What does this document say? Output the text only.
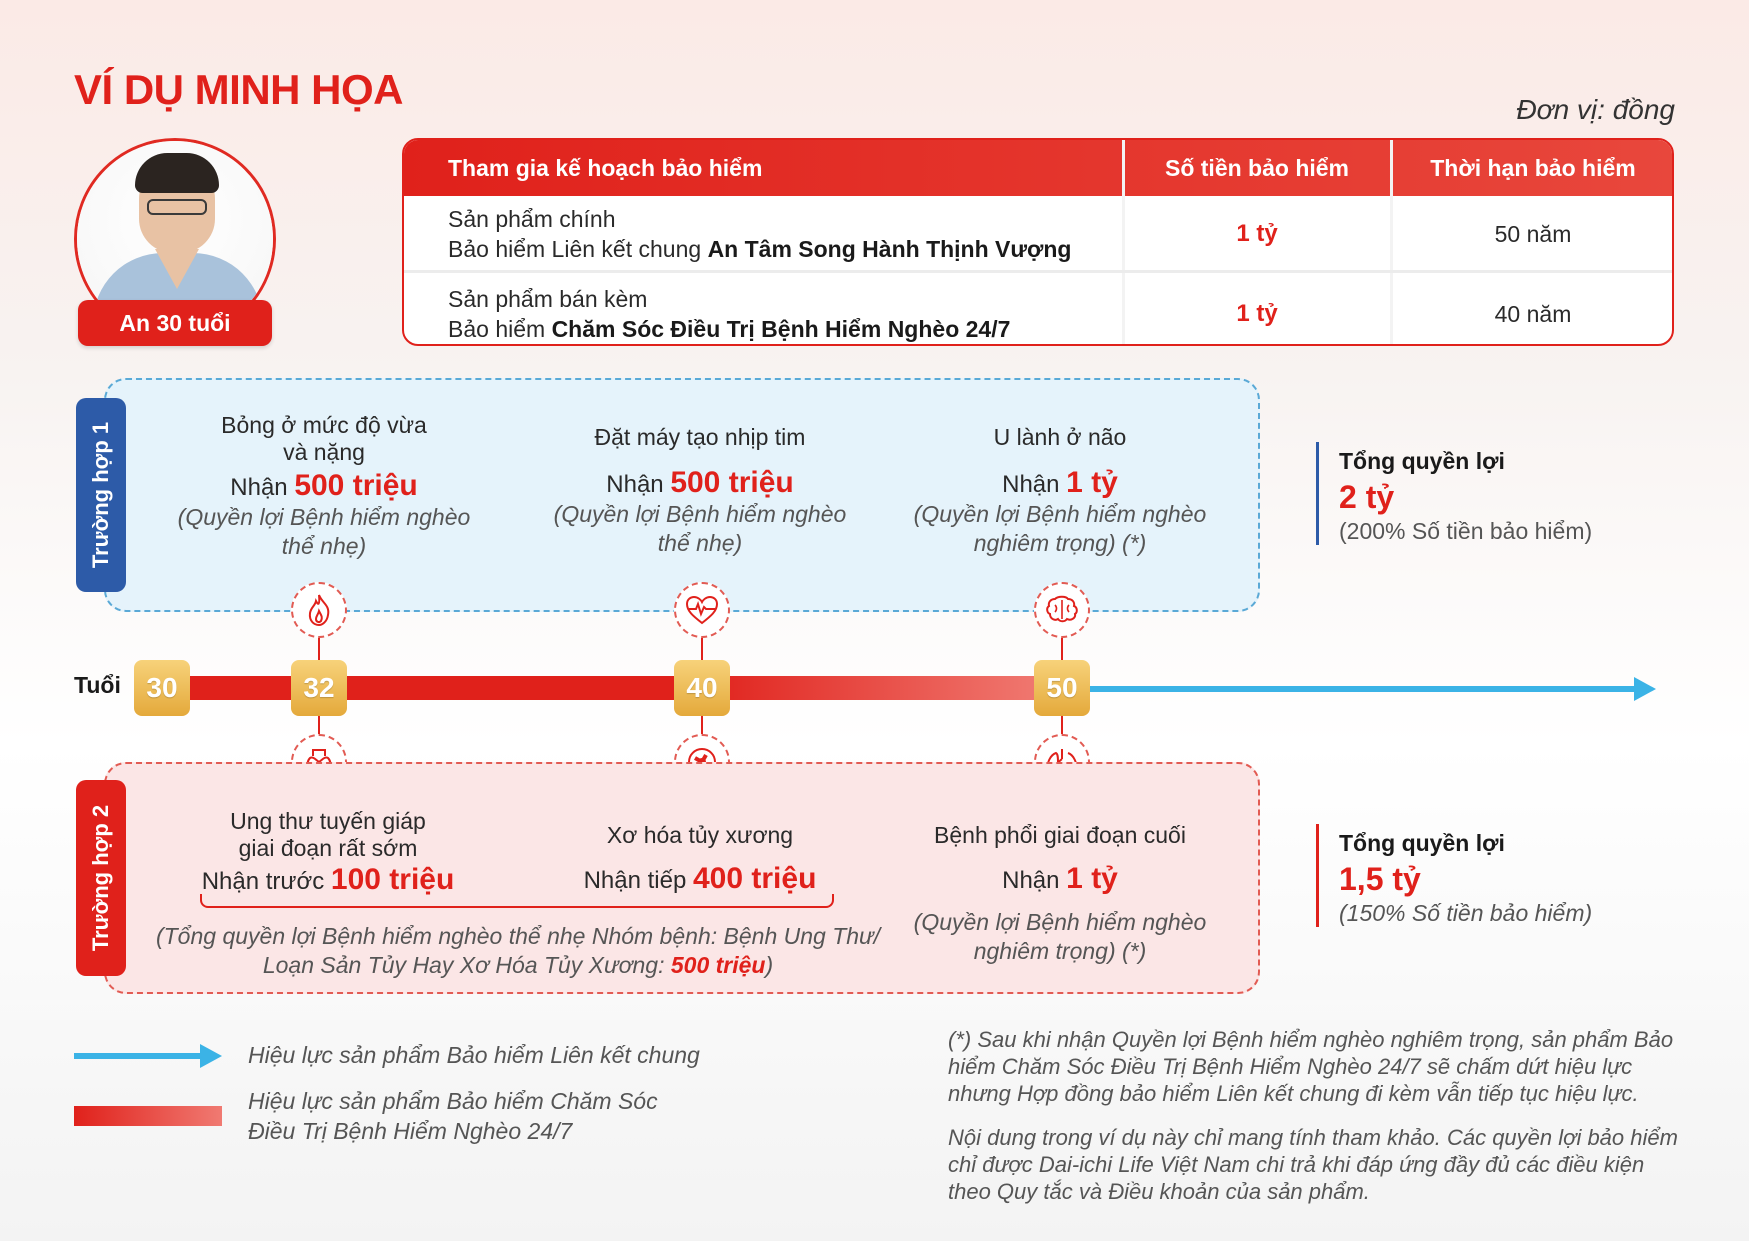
VÍ DỤ MINH HỌA	Đơn vị: đồng
An 30 tuổi
Tham gia kế hoạch bảo hiểm	Số tiền bảo hiểm	Thời hạn bảo hiểm
Sản phẩm chính
Bảo hiểm Liên kết chung An Tâm Song Hành Thịnh Vượng
1 tỷ	50 năm
Sản phẩm bán kèm
Bảo hiểm Chăm Sóc Điều Trị Bệnh Hiểm Nghèo 24/7
1 tỷ	40 năm
Trường hợp 1	Bỏng ở mức độ vừa và nặng
Nhận 500 triệu
(Quyền lợi Bệnh hiểm nghèo thể nhẹ)
Đặt máy tạo nhịp tim
Nhận 500 triệu
(Quyền lợi Bệnh hiểm nghèo thể nhẹ)
U lành ở não
Nhận 1 tỷ
(Quyền lợi Bệnh hiểm nghèo nghiêm trọng) (*)
Tổng quyền lợi
2 tỷ
(200% Số tiền bảo hiểm)
Tuổi 30	32	40	50
Trường hợp 2	Ung thư tuyến giáp giai đoạn rất sớm
Nhận trước 100 triệu
Xơ hóa tủy xương
Nhận tiếp 400 triệu
Bệnh phổi giai đoạn cuối
Nhận 1 tỷ
(Quyền lợi Bệnh hiểm nghèo nghiêm trọng) (*)
(Tổng quyền lợi Bệnh hiểm nghèo thể nhẹ Nhóm bệnh: Bệnh Ung Thư/ Loạn Sản Tủy Hay Xơ Hóa Tủy Xương: 500 triệu)
Tổng quyền lợi
1,5 tỷ
(150% Số tiền bảo hiểm)
Hiệu lực sản phẩm Bảo hiểm Liên kết chung
Hiệu lực sản phẩm Bảo hiểm Chăm Sóc Điều Trị Bệnh Hiểm Nghèo 24/7
(*) Sau khi nhận Quyền lợi Bệnh hiểm nghèo nghiêm trọng, sản phẩm Bảo hiểm Chăm Sóc Điều Trị Bệnh Hiểm Nghèo 24/7 sẽ chấm dứt hiệu lực nhưng Hợp đồng bảo hiểm Liên kết chung đi kèm vẫn tiếp tục hiệu lực.
Nội dung trong ví dụ này chỉ mang tính tham khảo. Các quyền lợi bảo hiểm chỉ được Dai-ichi Life Việt Nam chi trả khi đáp ứng đầy đủ các điều kiện theo Quy tắc và Điều khoản của sản phẩm.
